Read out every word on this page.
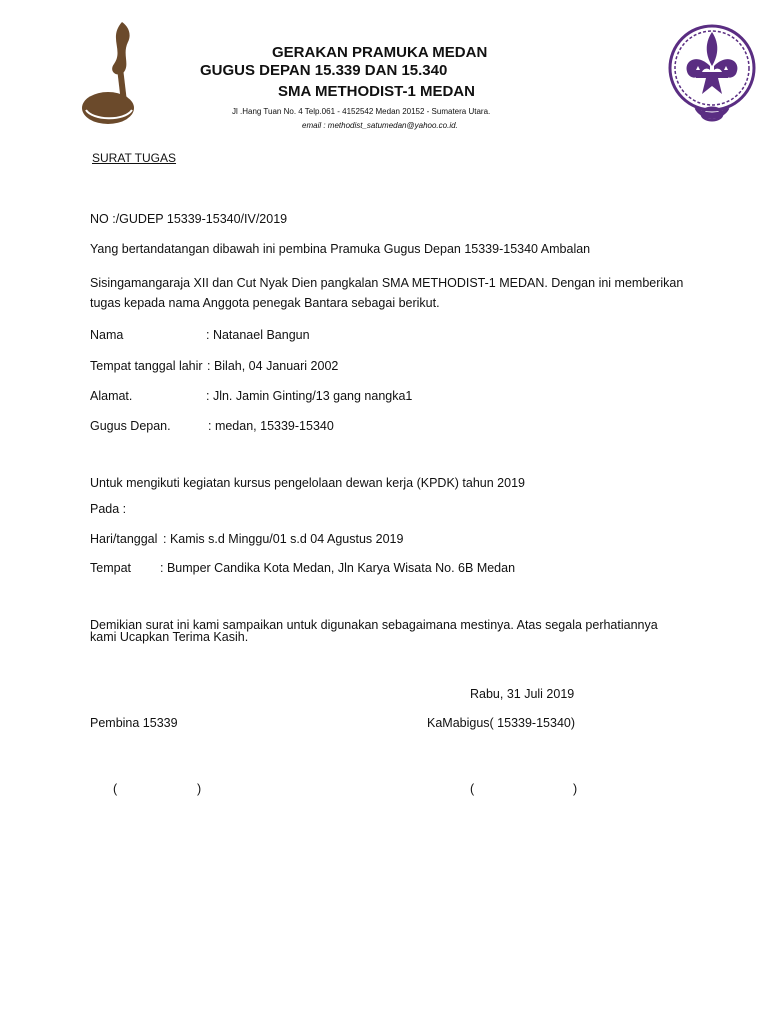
GERAKAN PRAMUKA MEDAN
GUGUS DEPAN 15.339 DAN 15.340
SMA METHODIST-1 MEDAN
Jl .Hang Tuan No. 4 Telp.061 - 4152542 Medan 20152 - Sumatera Utara.
email : methodist_satumedan@yahoo.co.id.
SURAT TUGAS
NO :/GUDEP 15339-15340/IV/2019
Yang bertandatangan dibawah ini pembina Pramuka Gugus Depan 15339-15340 Ambalan
Sisingamangaraja XII dan Cut Nyak Dien pangkalan SMA METHODIST-1 MEDAN. Dengan ini memberikan
tugas kepada nama Anggota penegak Bantara sebagai berikut.
Nama	: Natanael Bangun
Tempat tanggal lahir : Bilah, 04 Januari 2002
Alamat.	: Jln. Jamin Ginting/13 gang nangka1
Gugus Depan.	: medan, 15339-15340
Untuk mengikuti kegiatan kursus pengelolaan dewan kerja (KPDK) tahun 2019
Pada :
Hari/tanggal : Kamis s.d Minggu/01 s.d 04 Agustus 2019
Tempat : Bumper Candika Kota Medan, Jln Karya Wisata No. 6B Medan
Demikian surat ini kami sampaikan untuk digunakan sebagaimana mestinya. Atas segala perhatiannya
kami Ucapkan Terima Kasih.
Rabu, 31 Juli 2019
Pembina 15339	KaMabigus( 15339-15340)
(	)	(	)
